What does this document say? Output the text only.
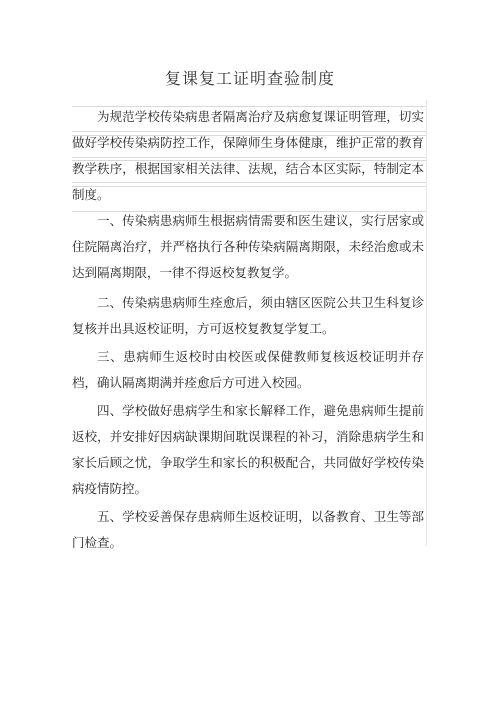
复课复工证明查验制度
为规范学校传染病患者隔离治疗及病愈复课证明管理，切实做好学校传染病防控工作，保障师生身体健康，维护正常的教育教学秩序，根据国家相关法律、法规，结合本区实际，特制定本制度。
一、传染病患病师生根据病情需要和医生建议，实行居家或住院隔离治疗，并严格执行各种传染病隔离期限，未经治愈或未达到隔离期限，一律不得返校复教复学。
二、传染病患病师生痊愈后，须由辖区医院公共卫生科复诊复核并出具返校证明，方可返校复教复学复工。
三、患病师生返校时由校医或保健教师复核返校证明并存档，确认隔离期满并痊愈后方可进入校园。
四、学校做好患病学生和家长解释工作，避免患病师生提前返校，并安排好因病缺课期间耽误课程的补习，消除患病学生和家长后顾之忧，争取学生和家长的积极配合，共同做好学校传染病疫情防控。
五、学校妥善保存患病师生返校证明，以备教育、卫生等部门检查。
